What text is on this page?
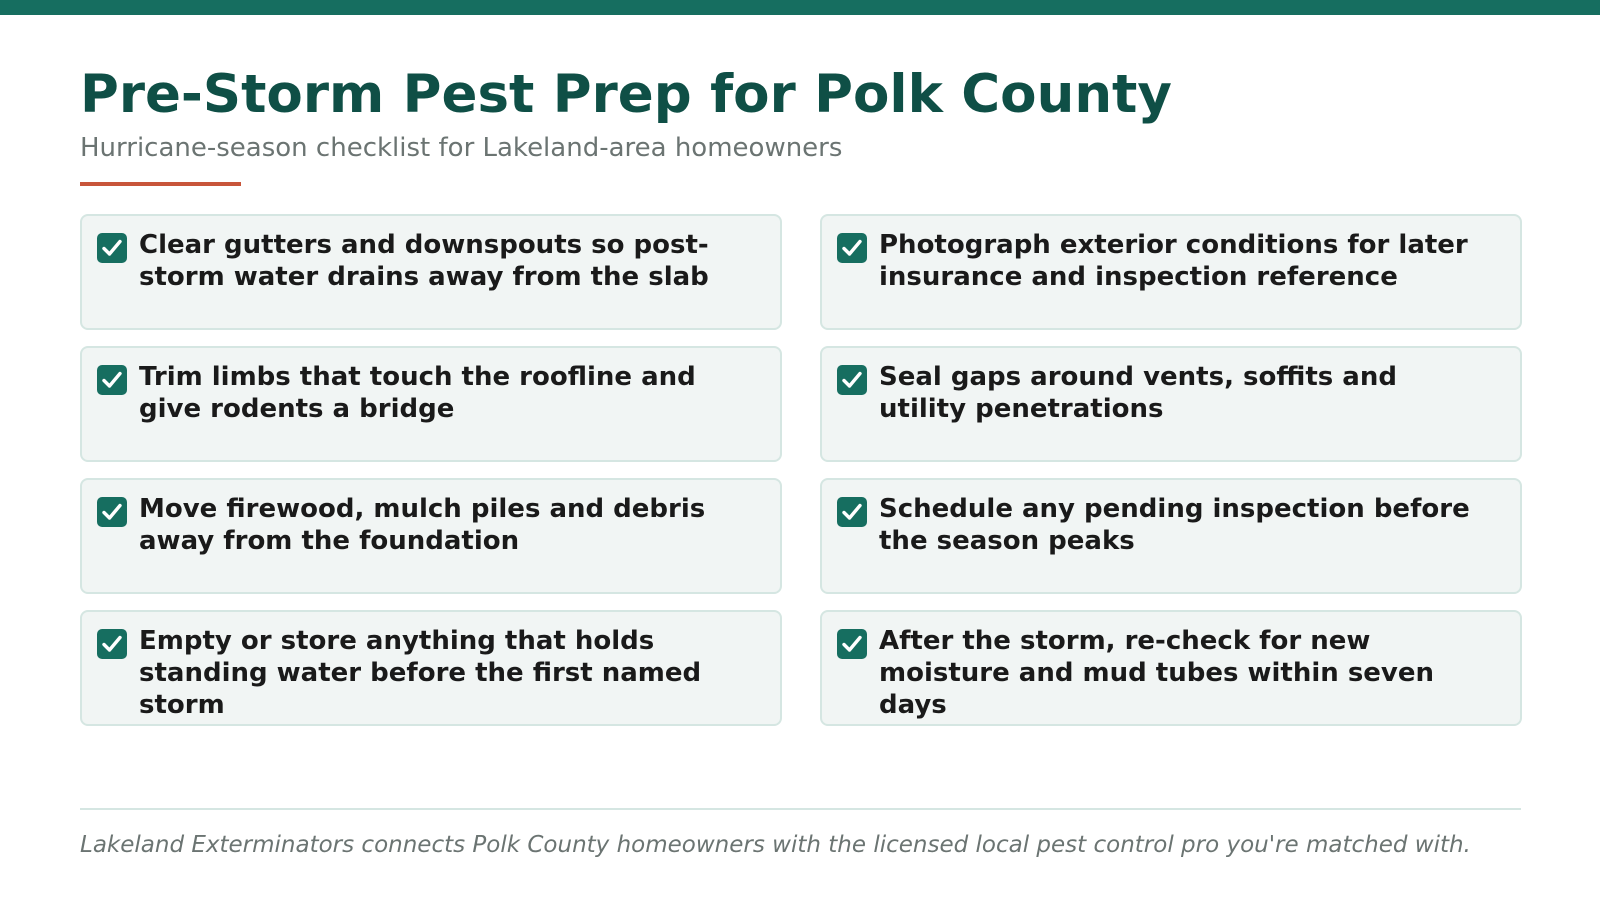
Pre-Storm Pest Prep for Polk County

Hurricane-season checklist for Lakeland-area homeowners

Clear gutters and downspouts so post-storm water drains away from the slab
Photograph exterior conditions for later insurance and inspection reference
Trim limbs that touch the roofline and give rodents a bridge
Seal gaps around vents, soffits and utility penetrations
Move firewood, mulch piles and debris away from the foundation
Schedule any pending inspection before the season peaks
Empty or store anything that holds standing water before the first named storm
After the storm, re-check for new moisture and mud tubes within seven days

Lakeland Exterminators connects Polk County homeowners with the licensed local pest control pro you're matched with.
